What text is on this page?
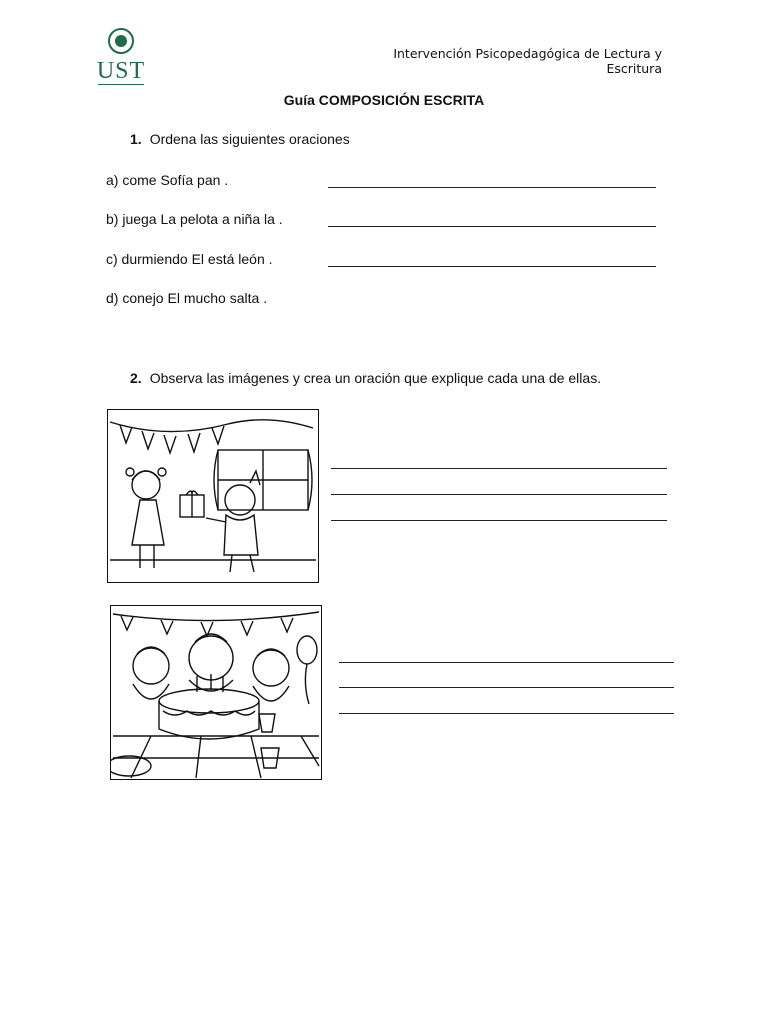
UST
Intervención Psicopedagógica de Lectura y Escritura
Guía COMPOSICIÓN ESCRITA
1. Ordena las siguientes oraciones
a) come Sofía pan .
b) juega La pelota a niña la .
c) durmiendo El está león .
d) conejo El mucho salta .
2. Observa las imágenes y crea un oración que explique cada una de ellas.
